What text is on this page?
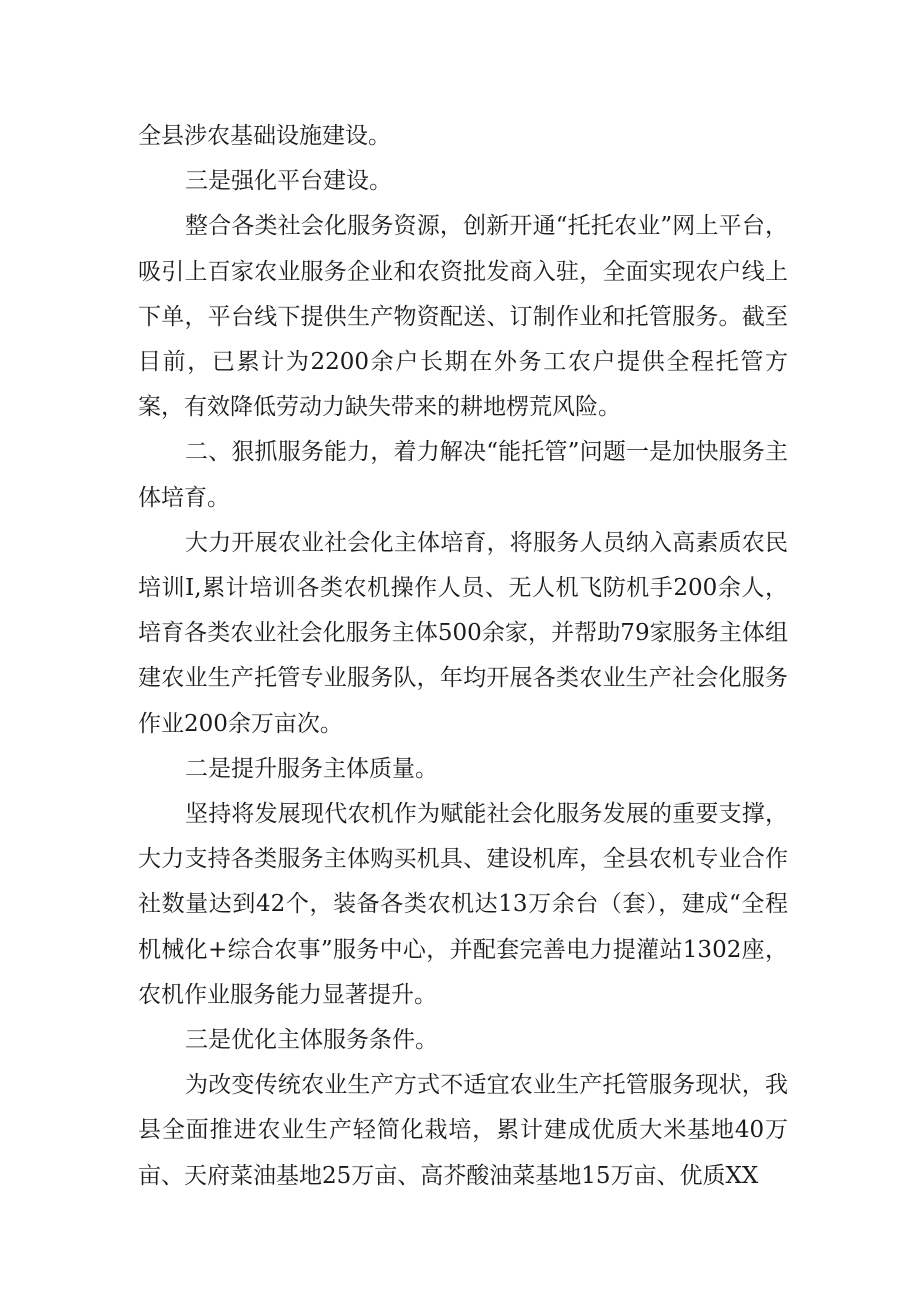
全县涉农基础设施建设。

三是强化平台建设。

整合各类社会化服务资源，创新开通“托托农业”网上平台，吸引上百家农业服务企业和农资批发商入驻，全面实现农户线上下单，平台线下提供生产物资配送、订制作业和托管服务。截至目前，已累计为2200余户长期在外务工农户提供全程托管方案，有效降低劳动力缺失带来的耕地楞荒风险。

二、狠抓服务能力，着力解决“能托管”问题一是加快服务主体培育。

大力开展农业社会化主体培育，将服务人员纳入高素质农民培训I,累计培训各类农机操作人员、无人机飞防机手200余人，培育各类农业社会化服务主体500余家，并帮助79家服务主体组建农业生产托管专业服务队，年均开展各类农业生产社会化服务作业200余万亩次。

二是提升服务主体质量。

坚持将发展现代农机作为赋能社会化服务发展的重要支撑，大力支持各类服务主体购买机具、建设机库，全县农机专业合作社数量达到42个，装备各类农机达13万余台（套），建成“全程机械化+综合农事”服务中心，并配套完善电力提灌站1302座，农机作业服务能力显著提升。

三是优化主体服务条件。

为改变传统农业生产方式不适宜农业生产托管服务现状，我县全面推进农业生产轻简化栽培，累计建成优质大米基地40万亩、天府菜油基地25万亩、高芥酸油菜基地15万亩、优质XX
